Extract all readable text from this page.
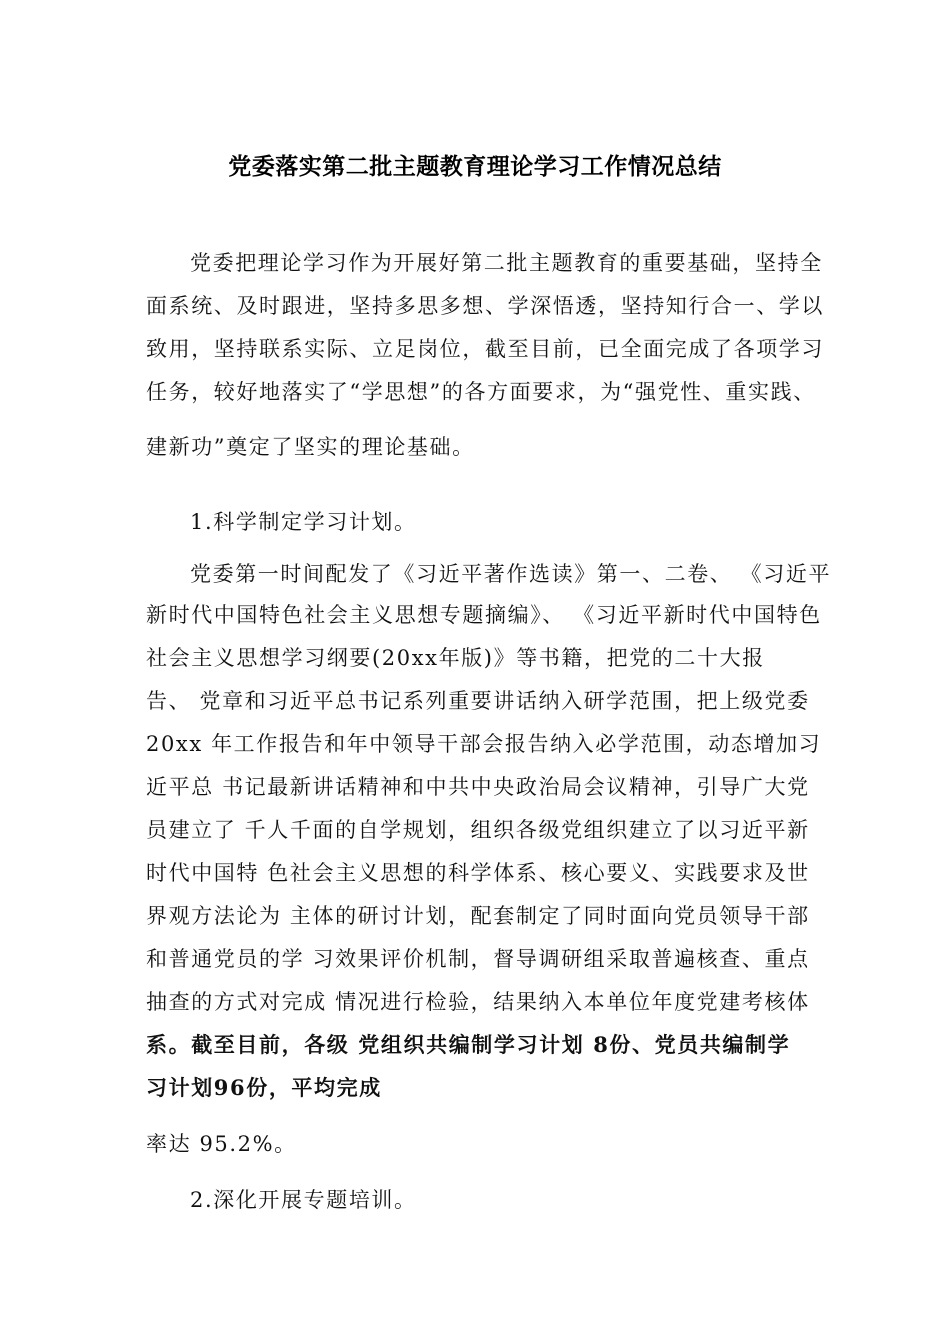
党委落实第二批主题教育理论学习工作情况总结
党委把理论学习作为开展好第二批主题教育的重要基础，坚持全
面系统、及时跟进，坚持多思多想、学深悟透，坚持知行合一、学以
致用，坚持联系实际、立足岗位，截至目前，已全面完成了各项学习
任务，较好地落实了“学思想”的各方面要求，为“强党性、重实践、
建新功”奠定了坚实的理论基础。
1.科学制定学习计划。
党委第一时间配发了《习近平著作选读》第一、二卷、 《习近平
新时代中国特色社会主义思想专题摘编》、 《习近平新时代中国特色
社会主义思想学习纲要(20xx年版)》等书籍，把党的二十大报
告、 党章和习近平总书记系列重要讲话纳入研学范围，把上级党委
20xx 年工作报告和年中领导干部会报告纳入必学范围，动态增加习
近平总 书记最新讲话精神和中共中央政治局会议精神，引导广大党
员建立了 千人千面的自学规划，组织各级党组织建立了以习近平新
时代中国特 色社会主义思想的科学体系、核心要义、实践要求及世
界观方法论为 主体的研讨计划，配套制定了同时面向党员领导干部
和普通党员的学 习效果评价机制，督导调研组采取普遍核查、重点
抽查的方式对完成 情况进行检验，结果纳入本单位年度党建考核体
系。截至目前，各级 党组织共编制学习计划 8份、党员共编制学
习计划96份，平均完成
率达 95.2%。
2.深化开展专题培训。
